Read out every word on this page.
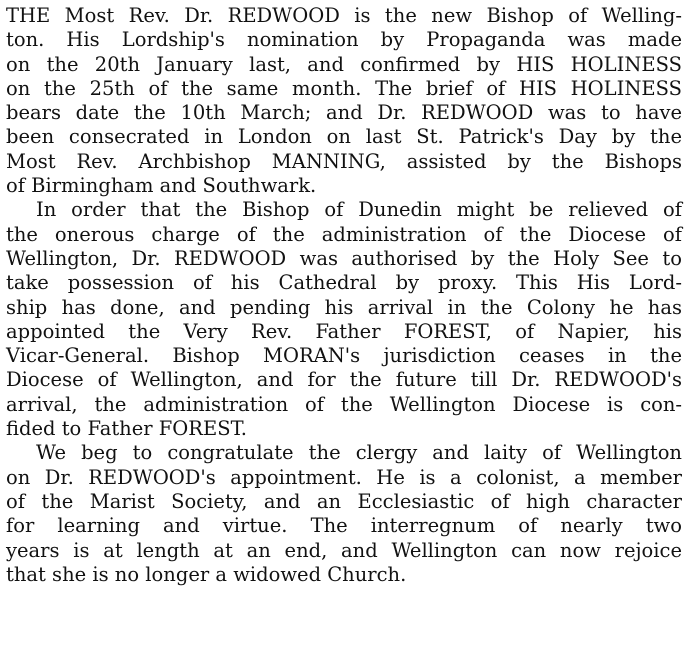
THE Most Rev. Dr. REDWOOD is the new Bishop of Welling-
ton. His Lordship's nomination by Propaganda was made
on the 20th January last, and confirmed by HIS HOLINESS
on the 25th of the same month. The brief of HIS HOLINESS
bears date the 10th March; and Dr. REDWOOD was to have
been consecrated in London on last St. Patrick's Day by the
Most Rev. Archbishop MANNING, assisted by the Bishops
of Birmingham and Southwark.

In order that the Bishop of Dunedin might be relieved of
the onerous charge of the administration of the Diocese of
Wellington, Dr. REDWOOD was authorised by the Holy See to
take possession of his Cathedral by proxy. This His Lord-
ship has done, and pending his arrival in the Colony he has
appointed the Very Rev. Father FOREST, of Napier, his
Vicar-General. Bishop MORAN's jurisdiction ceases in the
Diocese of Wellington, and for the future till Dr. REDWOOD's
arrival, the administration of the Wellington Diocese is con-
fided to Father FOREST.

We beg to congratulate the clergy and laity of Wellington
on Dr. REDWOOD's appointment. He is a colonist, a member
of the Marist Society, and an Ecclesiastic of high character
for learning and virtue. The interregnum of nearly two
years is at length at an end, and Wellington can now rejoice
that she is no longer a widowed Church.
